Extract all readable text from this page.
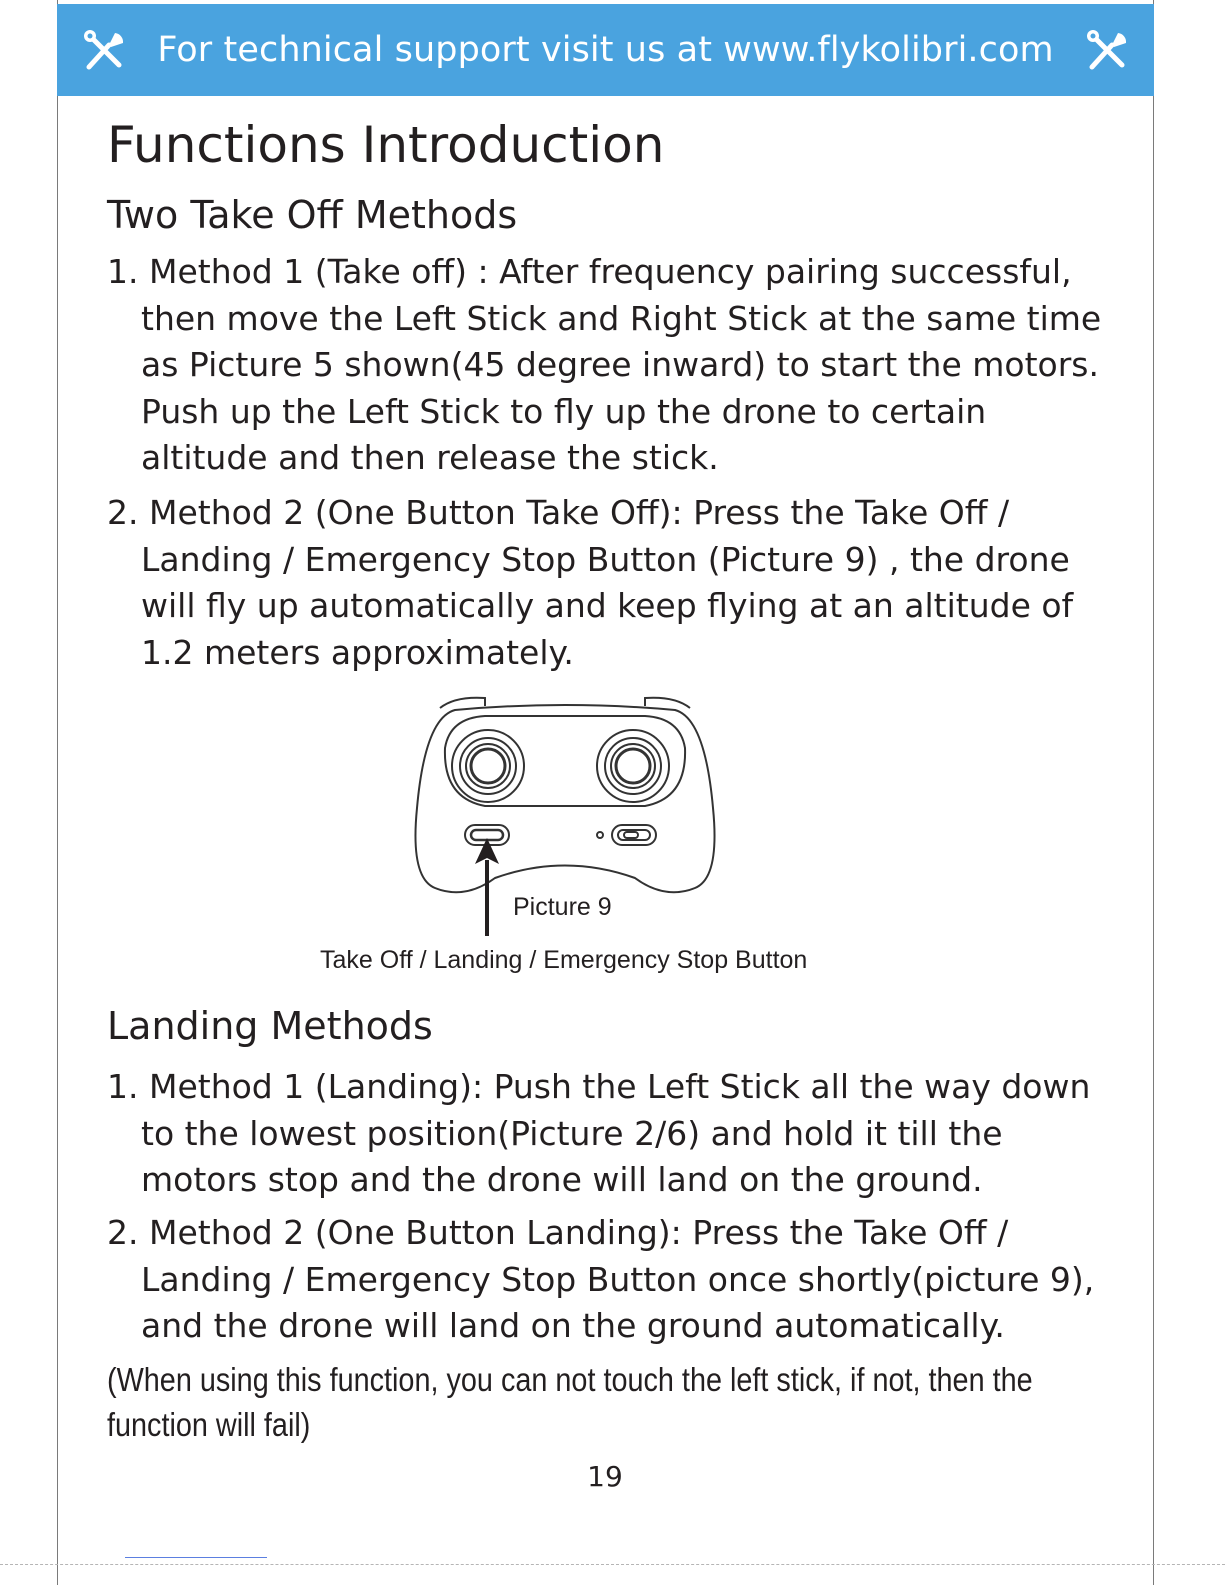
For technical support visit us at www.flykolibri.com
Functions Introduction
Two Take Off Methods

1. Method 1 (Take off) : After frequency pairing successful, then move the Left Stick and Right Stick at the same time as Picture 5 shown(45 degree inward) to start the motors. Push up the Left Stick to fly up the drone to certain altitude and then release the stick.

2. Method 2 (One Button Take Off): Press the Take Off / Landing / Emergency Stop Button (Picture 9) , the drone will fly up automatically and keep flying at an altitude of 1.2 meters approximately.

Picture 9
Take Off / Landing / Emergency Stop Button
Landing Methods

1. Method 1 (Landing): Push the Left Stick all the way down to the lowest position(Picture 2/6) and hold it till the motors stop and the drone will land on the ground.

2. Method 2 (One Button Landing): Press the Take Off / Landing / Emergency Stop Button once shortly(picture 9), and the drone will land on the ground automatically.

(When using this function, you can not touch the left stick, if not, then the function will fail)

19
